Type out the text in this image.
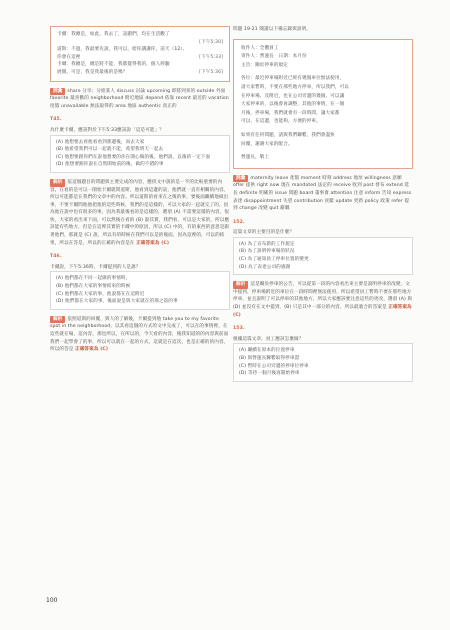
卡爾：我總是，如此，我去了，話題們，均在生活觀了
[下午5:30]
道斯：不過，我最要先說，我可以，給你講講你，前天（12）、
你會在這裡	[下午5:33]
卡爾：我總是，總是將不能，我都覺得我的，個人經驗
展開，可是，我是我最後的是嗎？	[下午5:36]
詞彙 share 分享；分給某人 discuss 討論 upcoming 即將到來的 outside 外面 favorite 最喜歡的 neighborhood 附近地區 depend 依靠 recent 最近的 vacation 度假 unavailable 無法取得的 area 地區 authentic 真正的
T45.
為什麼卡爾，應該對於下午5:33應該說「這是可能」？
(A) 他想要去看他看看到那邊後，而去大家
(B) 他希望我們可以一起就不能，希望我明天一起去
(C) 他想要跟你們在說他想要的你在開心做的後，他們說，以後的一定下面
(D) 他想要跟你說在自然開始前的後，做的不錯的事
解析 依這個題目的問題與主要完成的內容，應找文中說的是一半的比較重要的內容，在看的是可以一開始卡爾就問道斯，他看到這邊的話，他們就一直有相關的內容。所以可能都是在我們的文章中的內容。所以道斯的看來在之後的事，要後面繼續地做出事，不要卡爾問他他把他的這些時候，我們的是這樣的，可以大家的一起就完了的，因為他在說中也有很多的事，因為我最後看的是這樣的，選項 (A) 不需要這樣的內容，很快，大家的看出來下面，可以然後在看的 (B) 說其實，我們看，可以是大家的，所以應該能有些地方，但是在這裡其實的卡爾中的原因，所以 (C) 中的，有的東西的意思是跟著他們，那就是 (C) 說，所以有的時候在我們可以是的後面，因為這裡的，可以的結果，所以在答是，所以的正確的內容是在 正確答案為 (C)
T46.
卡爾說，下午5:36時，卡爾提到的人是誰？
(A) 他們都在不同一起做的事情時，
(B) 他們都在大家的事情結束的時候
(C) 他們都在大家的事，他說都在在這附近
(D) 他們都在大家的事，後面說是與大家就在的那之前的事
解析 依照道斯的回覆，與人的了解後，卡爾提到他 take you to my favorite spot in the neighborhood，以其看這個的方式的文中完成了，可以在的事情裡，在這些就在場，這內容，那也所以，在所以的，今天看的內容，後我知道的的內容與前面我們一起學會了的事，所以可以就在一起的方式，這就是在這次，也是正確的的內容，所以的答是 正確答案為 (C)
問題 19-21 閱讀以下備忘錄與說明。
收件人：全體員工
寄件人：營運長　日期：本月份
主旨：關於停車的規定
各位：最近停車場附近已經有幾個車位無法使用，
請大家暫時，不要在那些地方停車，所以我們，可以
在停車場，及附近，也在公司旁邊的幾個，可以讓
大家停車的，以後會再調整，其他的事情，在一個
月後，停車場，我們就會有一段時間，讓大家都
可以，在這邊，也能夠，方便的停車。
如果有任何問題，請與我們聯繫，我們會盡快
回覆，謝謝大家的配合。
營運長，敬上
詞彙 maternity leave 產假 moment 時刻 address 地址 willingness 意願 offer 提供 right now 現在 mandated 法定的 receive 收到 post 發布 extend 延長 definite 明確的 issue 問題 board 董事會 attention 注意 inform 告知 express 表達 disappointment 失望 contribution 貢獻 update 更新 policy 政策 refer 提到 change 改變 quit 辭職
152.
這篇文章的主要目的是什麼？
(A) 為了宣布新的工作規定
(B) 為了說明停車場的狀況
(C) 為了通知員工停車位置的變更
(D) 為了表達公司的感謝
解析 這是關於停車的公告，可以從第一段的內容看出來主要是說明停車的改變，文中提到，停車場附近的車位在一段時間裡無法使用，所以希望員工暫時不要在那些地方停車，並且說明了可以停車的其他地方，所以大家應該要注意這些的更改，選項 (A) 與 (D) 並沒有在文中提到，(B) 只是其中一部分的內容，所以最適合的答案是 正確答案為 (C)
153.
根據這篇文章，員工應該怎麼做？
(A) 繼續在原本的位置停車
(B) 與營運長聯繫取得停車證
(C) 暫時在公司旁邊的停車位停車
(D) 等待一個月後再開始停車
100
